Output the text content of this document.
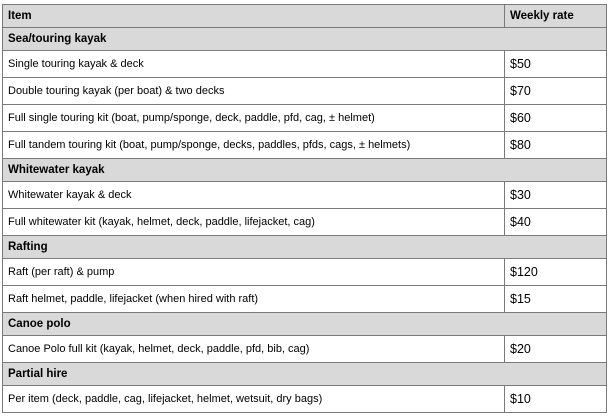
Item	Weekly rate
Sea/touring kayak	
Single touring kayak & deck	$50
Double touring kayak (per boat) & two decks	$70
Full single touring kit (boat, pump/sponge, deck, paddle, pfd, cag, ± helmet)	$60
Full tandem touring kit (boat, pump/sponge, decks, paddles, pfds, cags, ± helmets)	$80
Whitewater kayak	
Whitewater kayak & deck	$30
Full whitewater kit (kayak, helmet, deck, paddle, lifejacket, cag)	$40
Rafting	
Raft (per raft) & pump	$120
Raft helmet, paddle, lifejacket (when hired with raft)	$15
Canoe polo	
Canoe Polo full kit (kayak, helmet, deck, paddle, pfd, bib, cag)	$20
Partial hire	
Per item (deck, paddle, cag, lifejacket, helmet, wetsuit, dry bags)	$10
